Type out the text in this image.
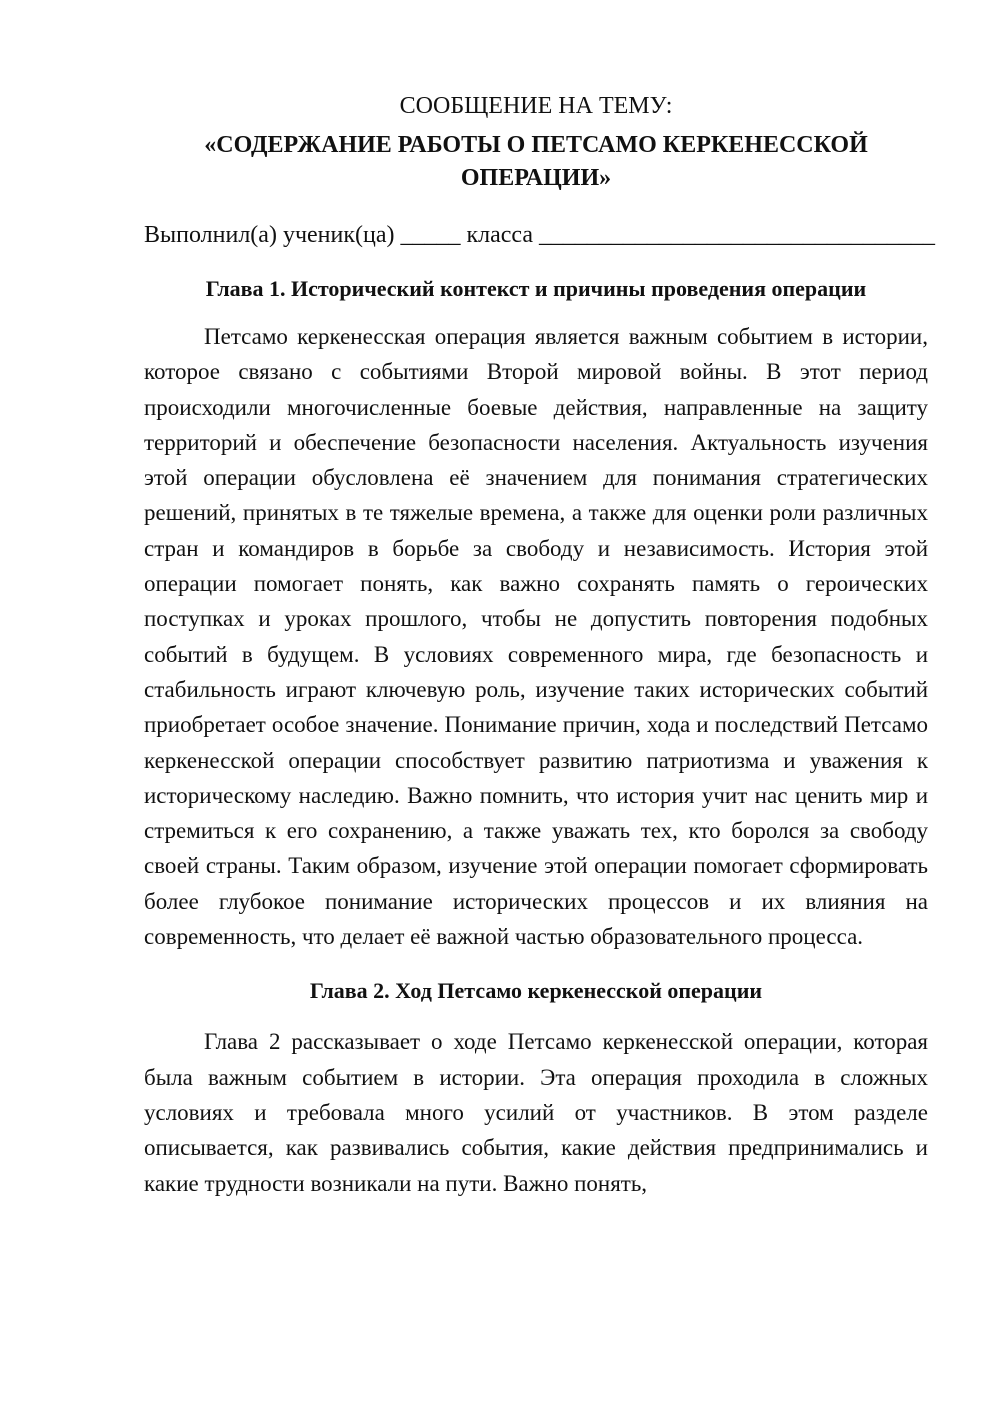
СООБЩЕНИЕ НА ТЕМУ:
«СОДЕРЖАНИЕ РАБОТЫ О ПЕТСАМО КЕРКЕНЕССКОЙ ОПЕРАЦИИ»
Выполнил(а) ученик(ца) _____ класса _________________________________
Глава 1. Исторический контекст и причины проведения операции

Петсамо керкенесская операция является важным событием в истории, которое связано с событиями Второй мировой войны. В этот период происходили многочисленные боевые действия, направленные на защиту территорий и обеспечение безопасности населения. Актуальность изучения этой операции обусловлена её значением для понимания стратегических решений, принятых в те тяжелые времена, а также для оценки роли различных стран и командиров в борьбе за свободу и независимость. История этой операции помогает понять, как важно сохранять память о героических поступках и уроках прошлого, чтобы не допустить повторения подобных событий в будущем. В условиях современного мира, где безопасность и стабильность играют ключевую роль, изучение таких исторических событий приобретает особое значение. Понимание причин, хода и последствий Петсамо керкенесской операции способствует развитию патриотизма и уважения к историческому наследию. Важно помнить, что история учит нас ценить мир и стремиться к его сохранению, а также уважать тех, кто боролся за свободу своей страны. Таким образом, изучение этой операции помогает сформировать более глубокое понимание исторических процессов и их влияния на современность, что делает её важной частью образовательного процесса.

Глава 2. Ход Петсамо керкенесской операции

Глава 2 рассказывает о ходе Петсамо керкенесской операции, которая была важным событием в истории. Эта операция проходила в сложных условиях и требовала много усилий от участников. В этом разделе описывается, как развивались события, какие действия предпринимались и какие трудности возникали на пути. Важно понять,
